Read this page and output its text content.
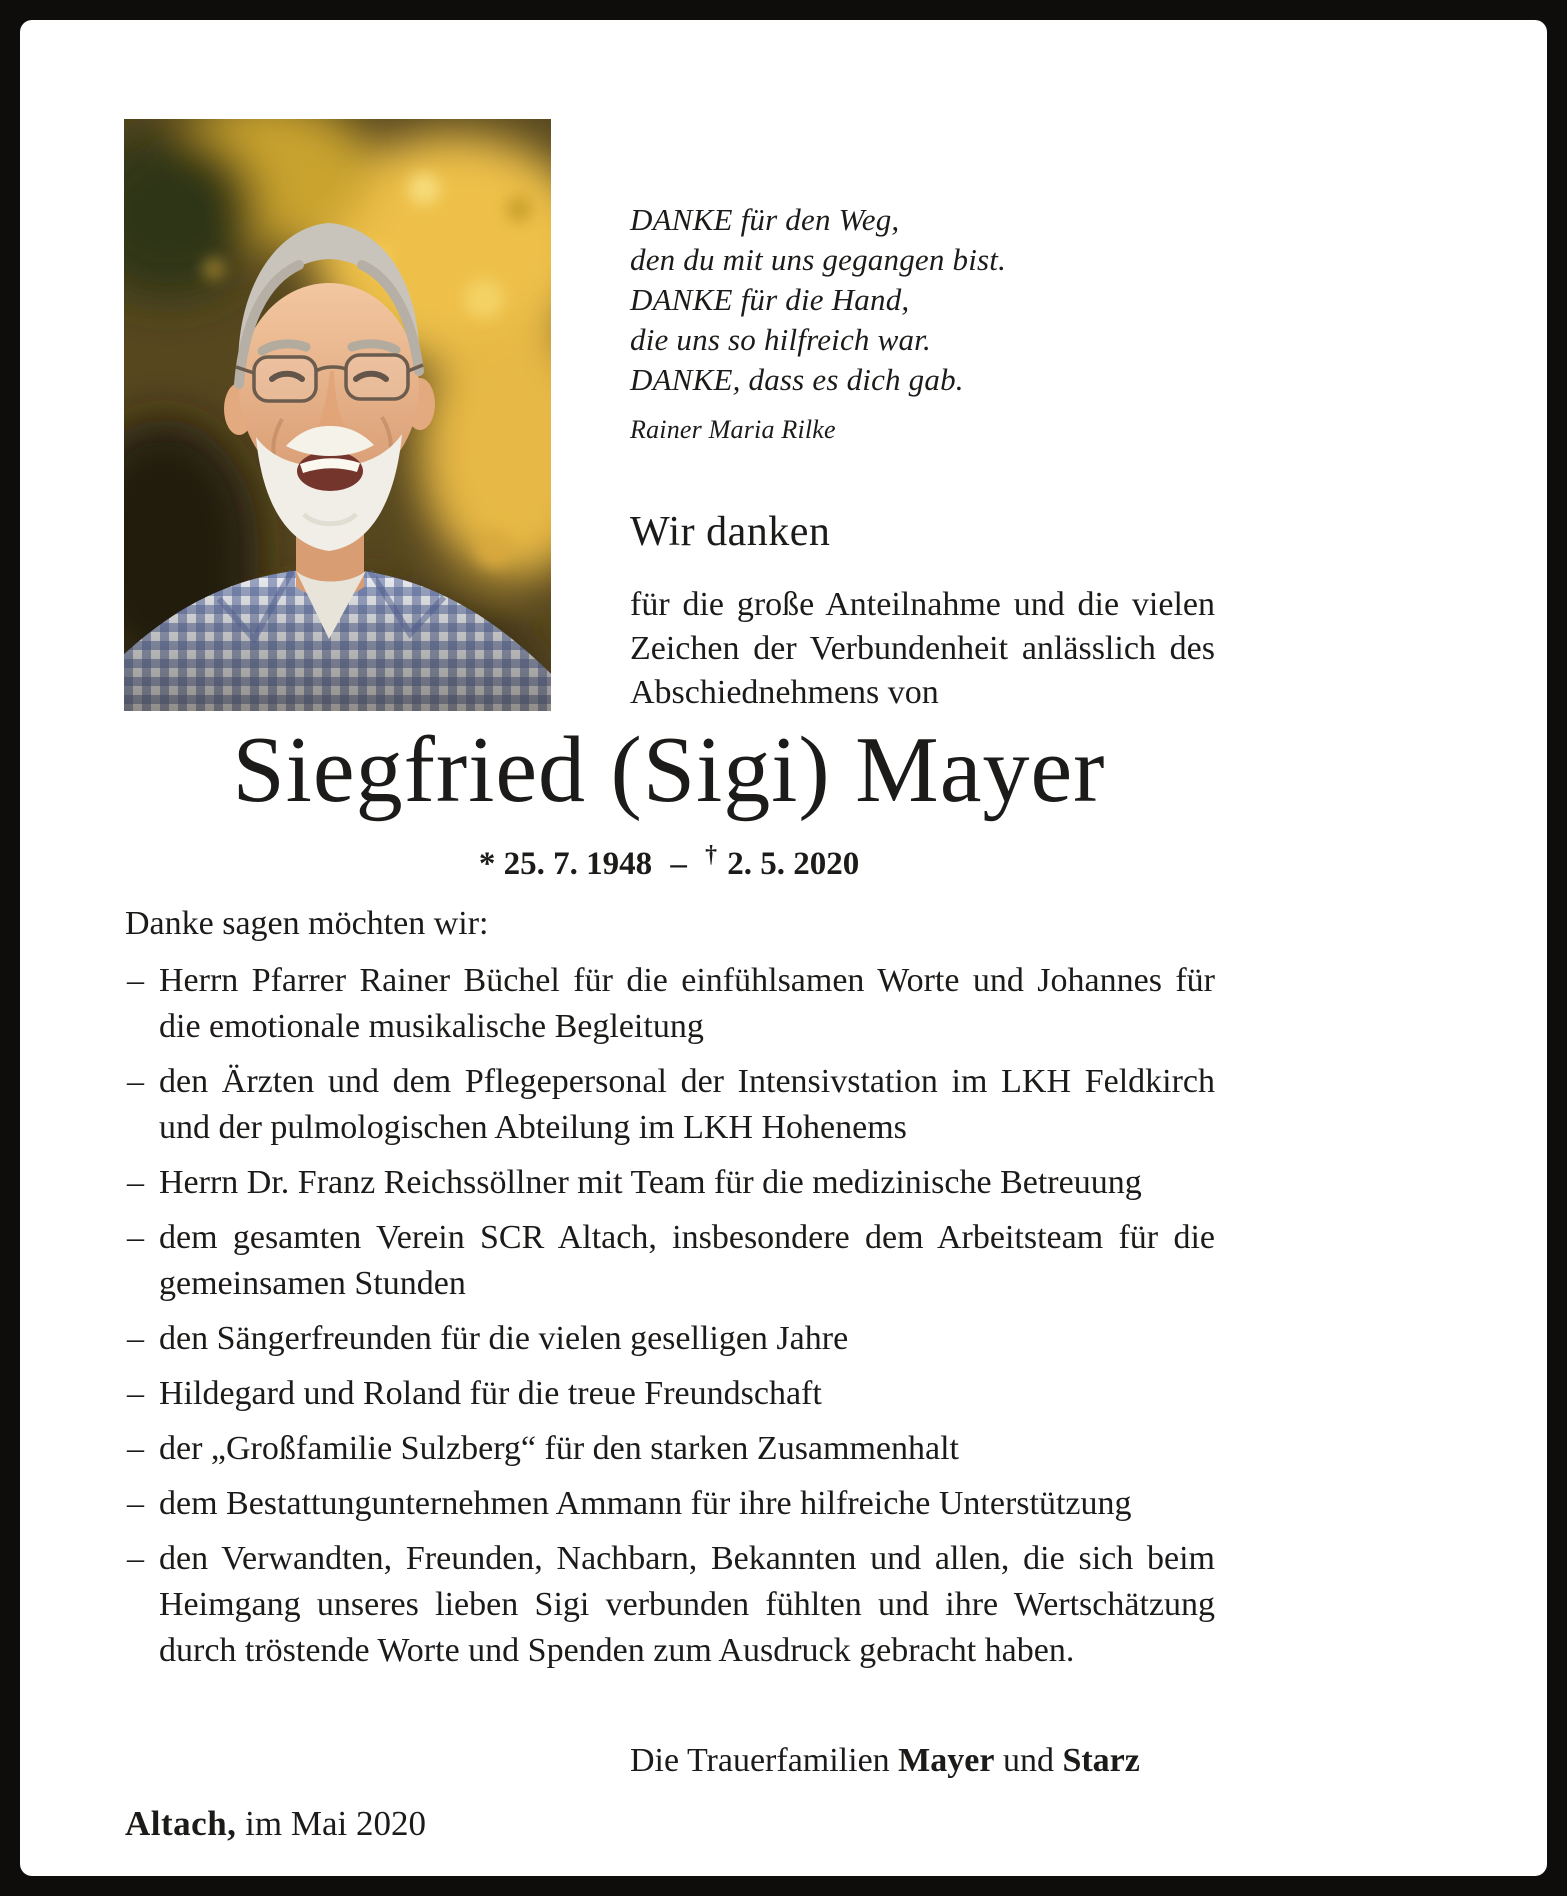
DANKE für den Weg,
den du mit uns gegangen bist.
DANKE für die Hand,
die uns so hilfreich war.
DANKE, dass es dich gab.
Rainer Maria Rilke
Wir danken

für die große Anteilnahme und die vielen Zeichen der Verbundenheit anlässlich des Abschiednehmens von

Siegfried (Sigi) Mayer
* 25. 7. 1948 – † 2. 5. 2020
Danke sagen möchten wir:
– Herrn Pfarrer Rainer Büchel für die einfühlsamen Worte und Johannes für die emotionale musikalische Begleitung
– den Ärzten und dem Pflegepersonal der Intensivstation im LKH Feldkirch und der pulmologischen Abteilung im LKH Hohenems
– Herrn Dr. Franz Reichssöllner mit Team für die medizinische Betreuung
– dem gesamten Verein SCR Altach, insbesondere dem Arbeitsteam für die gemeinsamen Stunden
– den Sängerfreunden für die vielen geselligen Jahre
– Hildegard und Roland für die treue Freundschaft
– der „Großfamilie Sulzberg“ für den starken Zusammenhalt
– dem Bestattungunternehmen Ammann für ihre hilfreiche Unterstützung
– den Verwandten, Freunden, Nachbarn, Bekannten und allen, die sich beim Heimgang unseres lieben Sigi verbunden fühlten und ihre Wertschätzung durch tröstende Worte und Spenden zum Ausdruck gebracht haben.
Die Trauerfamilien Mayer und Starz
Altach, im Mai 2020
